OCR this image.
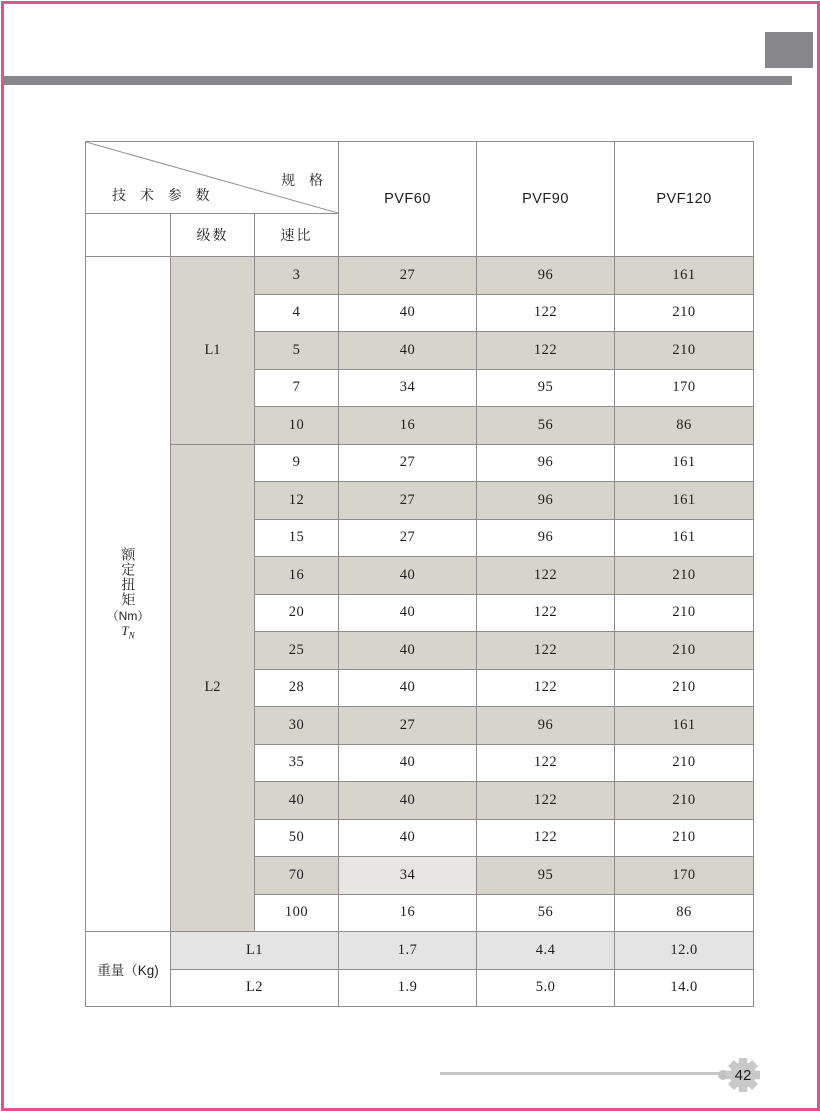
规 格
技 术 参 数			PVF60	PVF90	PVF120
	级数	速比			

额定扭矩
（Nm）
$T_N$	L1	3	27	96	161
		4	40	122	210
		5	40	122	210
		7	34	95	170
		10	16	56	86
	L2	9	27	96	161
		12	27	96	161
		15	27	96	161
		16	40	122	210
		20	40	122	210
		25	40	122	210
		28	40	122	210
		30	27	96	161
		35	40	122	210
		40	40	122	210
		50	40	122	210
		70	34	95	170
		100	16	56	86
重量（Kg)	L1		1.7	4.4	12.0
	L2		1.9	5.0	14.0
42
